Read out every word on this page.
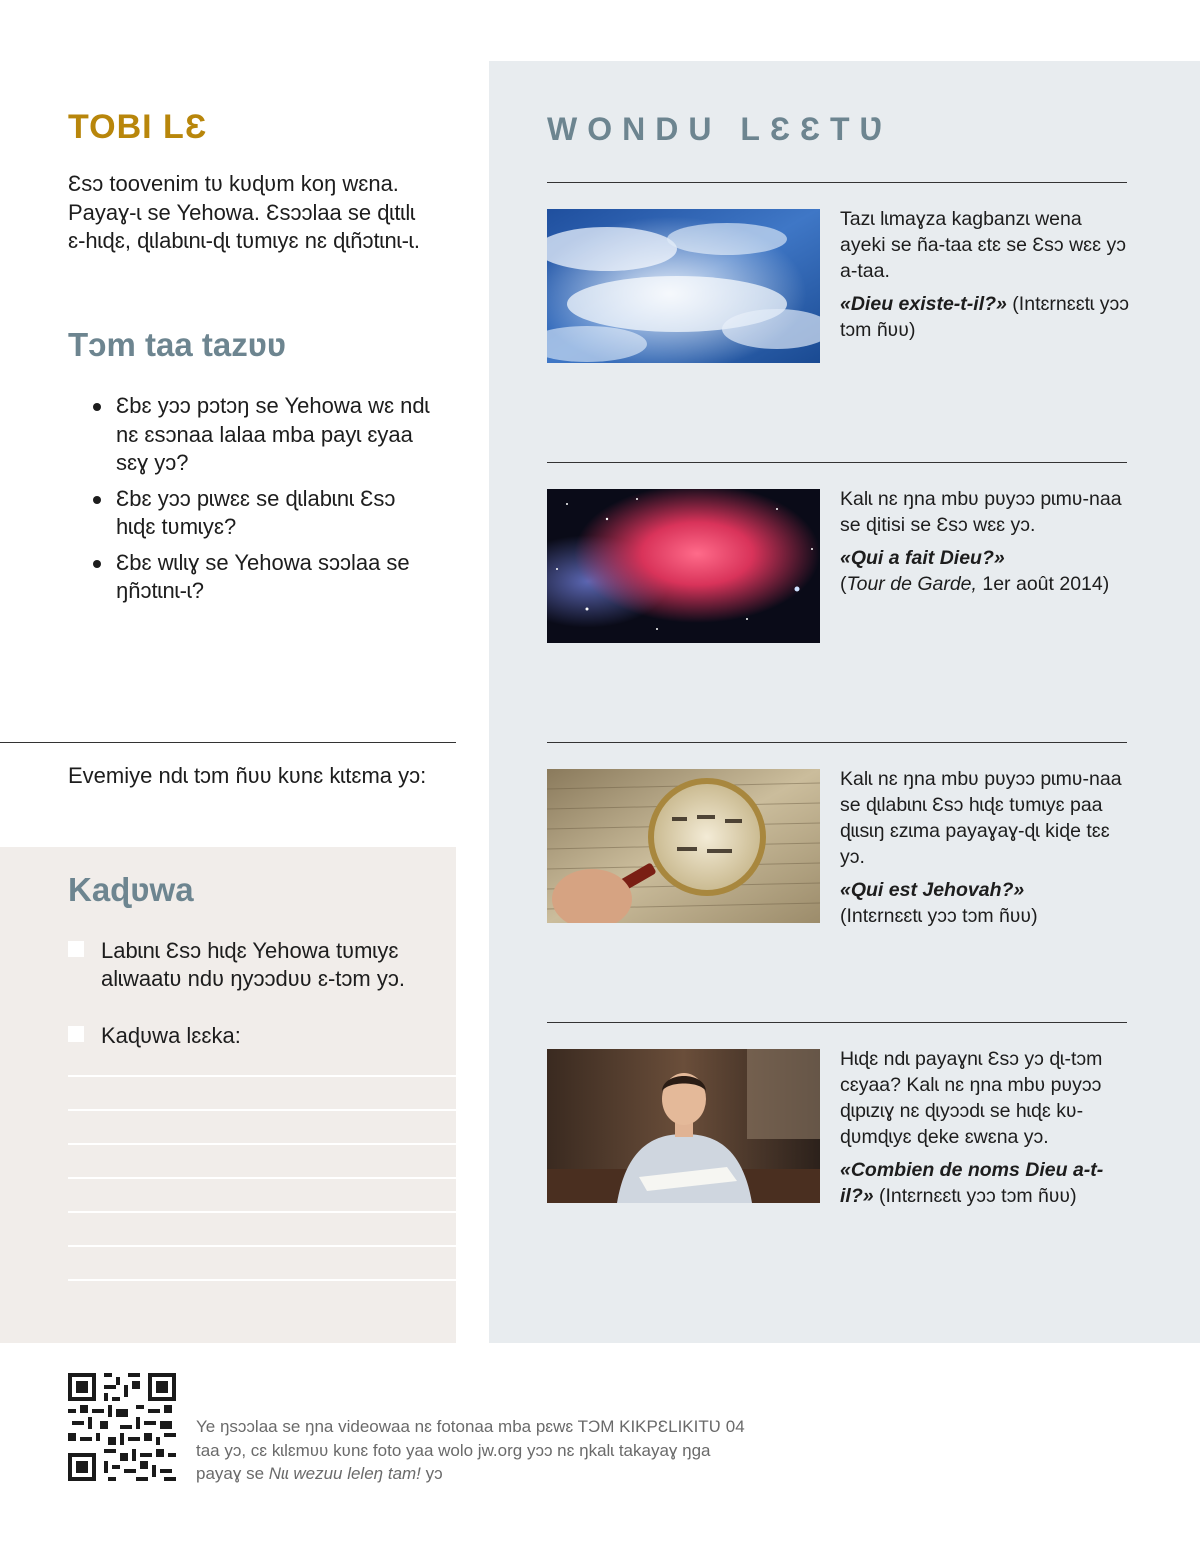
TOBI LƐ

Ɛsɔ toovenim tʋ kʋɖʋm koŋ wɛna. Payaɣ-ɩ se Yehowa. Ɛsɔɔlaa se ɖɩtɩlɩ ɛ-hɩɖɛ, ɖɩlabɩnɩ-ɖɩ tʋmɩyɛ nɛ ɖɩñɔtɩnɩ-ɩ.

Tɔm taa tazʋʋ
Ɛbɛ yɔɔ pɔtɔŋ se Yehowa wɛ ndɩ nɛ ɛsɔnaa lalaa mba payɩ ɛyaa sɛɣ yɔ?
Ɛbɛ yɔɔ pɩwɛɛ se ɖɩlabɩnɩ Ɛsɔ hɩɖɛ tʋmɩyɛ?
Ɛbɛ wɩlɩɣ se Yehowa sɔɔlaa se ŋñɔtɩnɩ-ɩ?

Evemiye ndɩ tɔm ñʋʋ kʋnɛ kɩtɛma yɔ:

Kaɖʋwa
Labɩnɩ Ɛsɔ hɩɖɛ Yehowa tʋmɩyɛ alɩwaatʋ ndʋ ŋyɔɔdʋʋ ɛ-tɔm yɔ.
Kaɖʋwa lɛɛka:
WONDU LƐƐTƲ

Tazɩ lɩmaɣza kagbanzɩ wena ayeki se ña-taa ɛtɛ se Ɛsɔ wɛɛ yɔ a-taa.

«Dieu existe-t-il?» (Intɛrnɛɛtɩ yɔɔ tɔm ñʋʋ)

Kalɩ nɛ ŋna mbʋ pʋyɔɔ pɩmʋ-naa se ɖitisi se Ɛsɔ wɛɛ yɔ.

«Qui a fait Dieu?»

(Tour de Garde, 1er août 2014)

Kalɩ nɛ ŋna mbʋ pʋyɔɔ pɩmʋ-naa se ɖɩlabɩnɩ Ɛsɔ hɩɖɛ tʋmɩyɛ paa ɖɩɩsɩŋ ɛzɩma payaɣaɣ-ɖɩ kiɖe tɛɛ yɔ.

«Qui est Jehovah?»

(Intɛrnɛɛtɩ yɔɔ tɔm ñʋʋ)

Hɩɖɛ ndɩ payaɣnɩ Ɛsɔ yɔ ɖɩ-tɔm cɛyaa? Kalɩ nɛ ŋna mbʋ pʋyɔɔ ɖɩpɩzɩɣ nɛ ɖɩyɔɔdɩ se hɩɖɛ kʋ-ɖʋmɖɩyɛ ɖeke ɛwɛna yɔ.

«Combien de noms Dieu a-t-il?» (Intɛrnɛɛtɩ yɔɔ tɔm ñʋʋ)

Ye ŋsɔɔlaa se ŋna videowaa nɛ fotonaa mba pɛwɛ TƆM KIKPƐLIKITƲ 04 taa yɔ, cɛ kɩlɛmʋʋ kʋnɛ foto yaa wolo jw.org yɔɔ nɛ ŋkalɩ takayaɣ ŋga payaɣ se Nɩɩ wezuu leleŋ tam! yɔ
